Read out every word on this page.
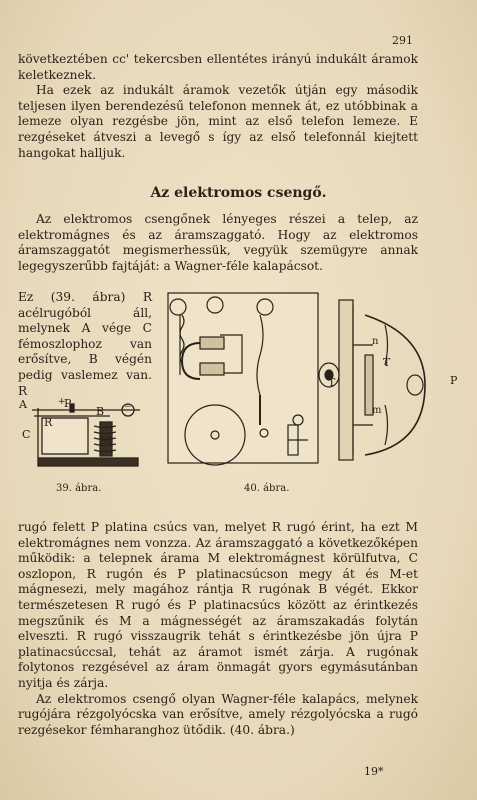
291

következtében cc' tekercsben ellentétes irányú indukált áramok keletkeznek.

Ha ezek az indukált áramok vezetők útján egy második teljesen ilyen berendezésű telefonon mennek át, ez utóbbinak a lemeze olyan rezgésbe jön, mint az első telefon lemeze. E rezgéseket átveszi a levegő s így az első telefonnál kiejtett hangokat halljuk.

Az elektromos csengő.

Az elektromos csengőnek lényeges részei a telep, az elektromágnes és az áramszaggató. Hogy az elektromos áramszaggatót megismerhessük, vegyük szemügyre annak legegyszerűbb fajtáját: a Wagner-féle kalapácsot.

Ez (39. ábra) R acélrugóból áll, melynek A vége C fémoszlophoz van erősítve, B végén pedig vaslemez van. R
A	P
B
C
R
M
+	−
T
n
T
P
m
39. ábra.	40. ábra.

rugó felett P platina csúcs van, melyet R rugó érint, ha ezt M elektromágnes nem vonzza. Az áramszaggató a következőképen működik: a telepnek árama M elektromágnest körülfutva, C oszlopon, R rugón és P platinacsúcson megy át és M-et mágnesezi, mely magához rántja R rugónak B végét. Ekkor természetesen R rugó és P platinacsúcs között az érintkezés megszűnik és M a mágnességét az áramszakadás folytán elveszti. R rugó visszaugrik tehát s érintkezésbe jön újra P platinacsúccsal, tehát az áramot ismét zárja. A rugónak folytonos rezgésével az áram önmagát gyors egymásutánban nyitja és zárja.

Az elektromos csengő olyan Wagner-féle kalapács, melynek rugójára rézgolyócska van erősítve, amely rézgolyócska a rugó rezgésekor fémharanghoz ütődik. (40. ábra.)

19*
